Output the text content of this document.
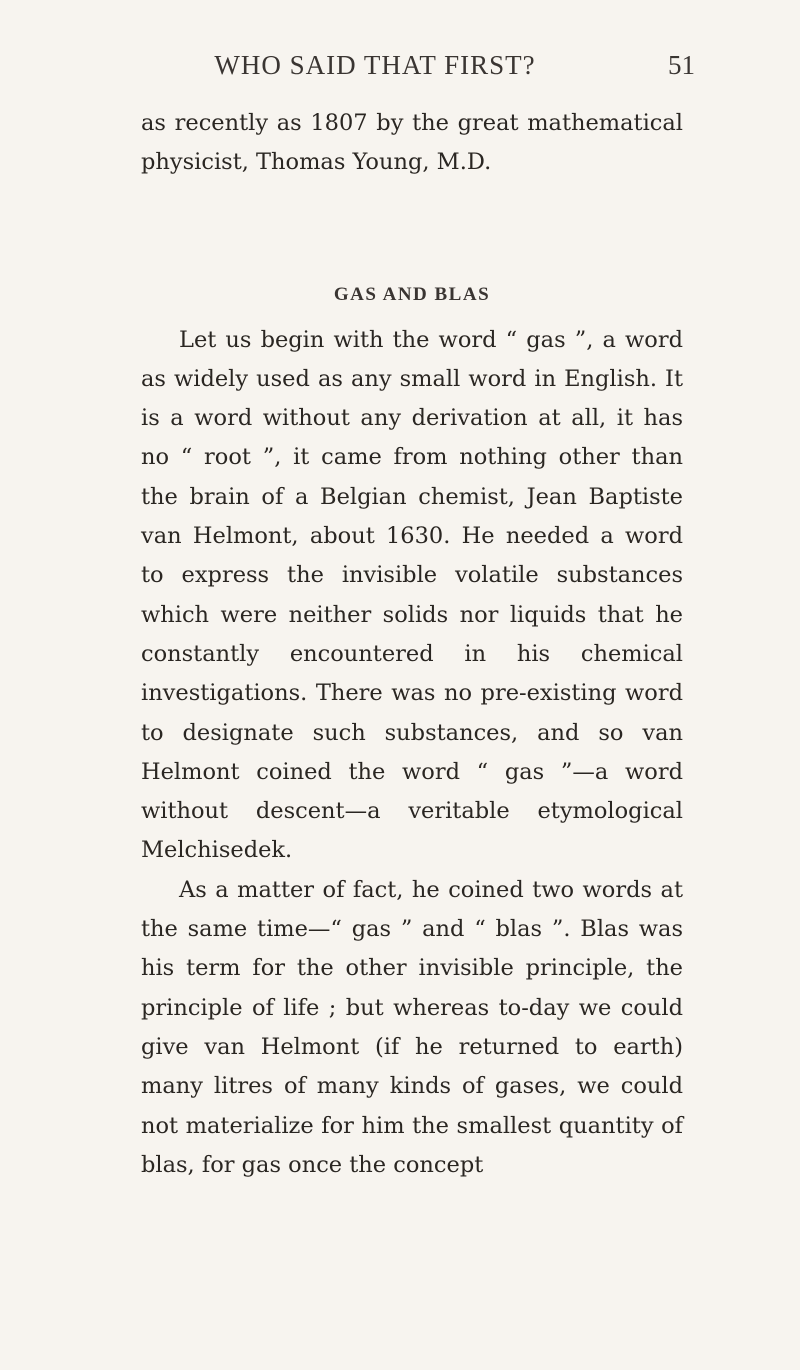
WHO SAID THAT FIRST?	51

as recently as 1807 by the great mathematical physicist, Thomas Young, M.D.

GAS AND BLAS

Let us begin with the word “ gas ”, a word as widely used as any small word in English. It is a word without any derivation at all, it has no “ root ”, it came from nothing other than the brain of a Belgian chemist, Jean Baptiste van Helmont, about 1630. He needed a word to express the invisible volatile substances which were neither solids nor liquids that he constantly encountered in his chemical investigations. There was no pre-existing word to designate such substances, and so van Helmont coined the word “ gas ”—a word without descent—a veritable etymological Melchisedek.

As a matter of fact, he coined two words at the same time—“ gas ” and “ blas ”. Blas was his term for the other invisible principle, the principle of life ; but whereas to-day we could give van Helmont (if he returned to earth) many litres of many kinds of gases, we could not materialize for him the smallest quantity of blas, for gas once the concept
